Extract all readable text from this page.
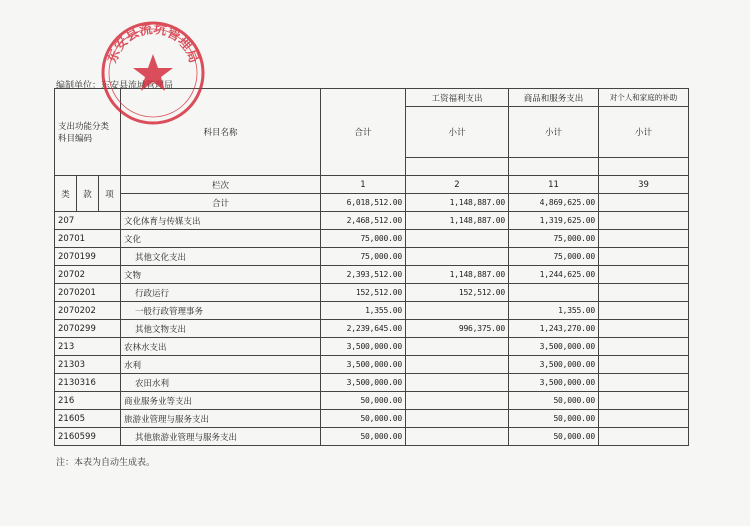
编制单位：东安县流域管理局
支出功能分类科目编码			科目名称	合计	工资福利支出	商品和服务支出	对个人和家庭的补助
					小计	小计	小计

类	款	项	栏次	1	2	11	39
			合计	6,018,512.00	1,148,887.00	4,869,625.00	
207			文化体育与传媒支出	2,468,512.00	1,148,887.00	1,319,625.00	
20701			文化	75,000.00		75,000.00	
2070199			其他文化支出	75,000.00		75,000.00	
20702			文物	2,393,512.00	1,148,887.00	1,244,625.00	
2070201			行政运行	152,512.00	152,512.00		
2070202			一般行政管理事务	1,355.00		1,355.00	
2070299			其他文物支出	2,239,645.00	996,375.00	1,243,270.00	
213			农林水支出	3,500,000.00		3,500,000.00	
21303			水利	3,500,000.00		3,500,000.00	
2130316			农田水利	3,500,000.00		3,500,000.00	
216			商业服务业等支出	50,000.00		50,000.00	
21605			旅游业管理与服务支出	50,000.00		50,000.00	
2160599			其他旅游业管理与服务支出	50,000.00		50,000.00	
注：本表为自动生成表。
东安县流坑管理局
